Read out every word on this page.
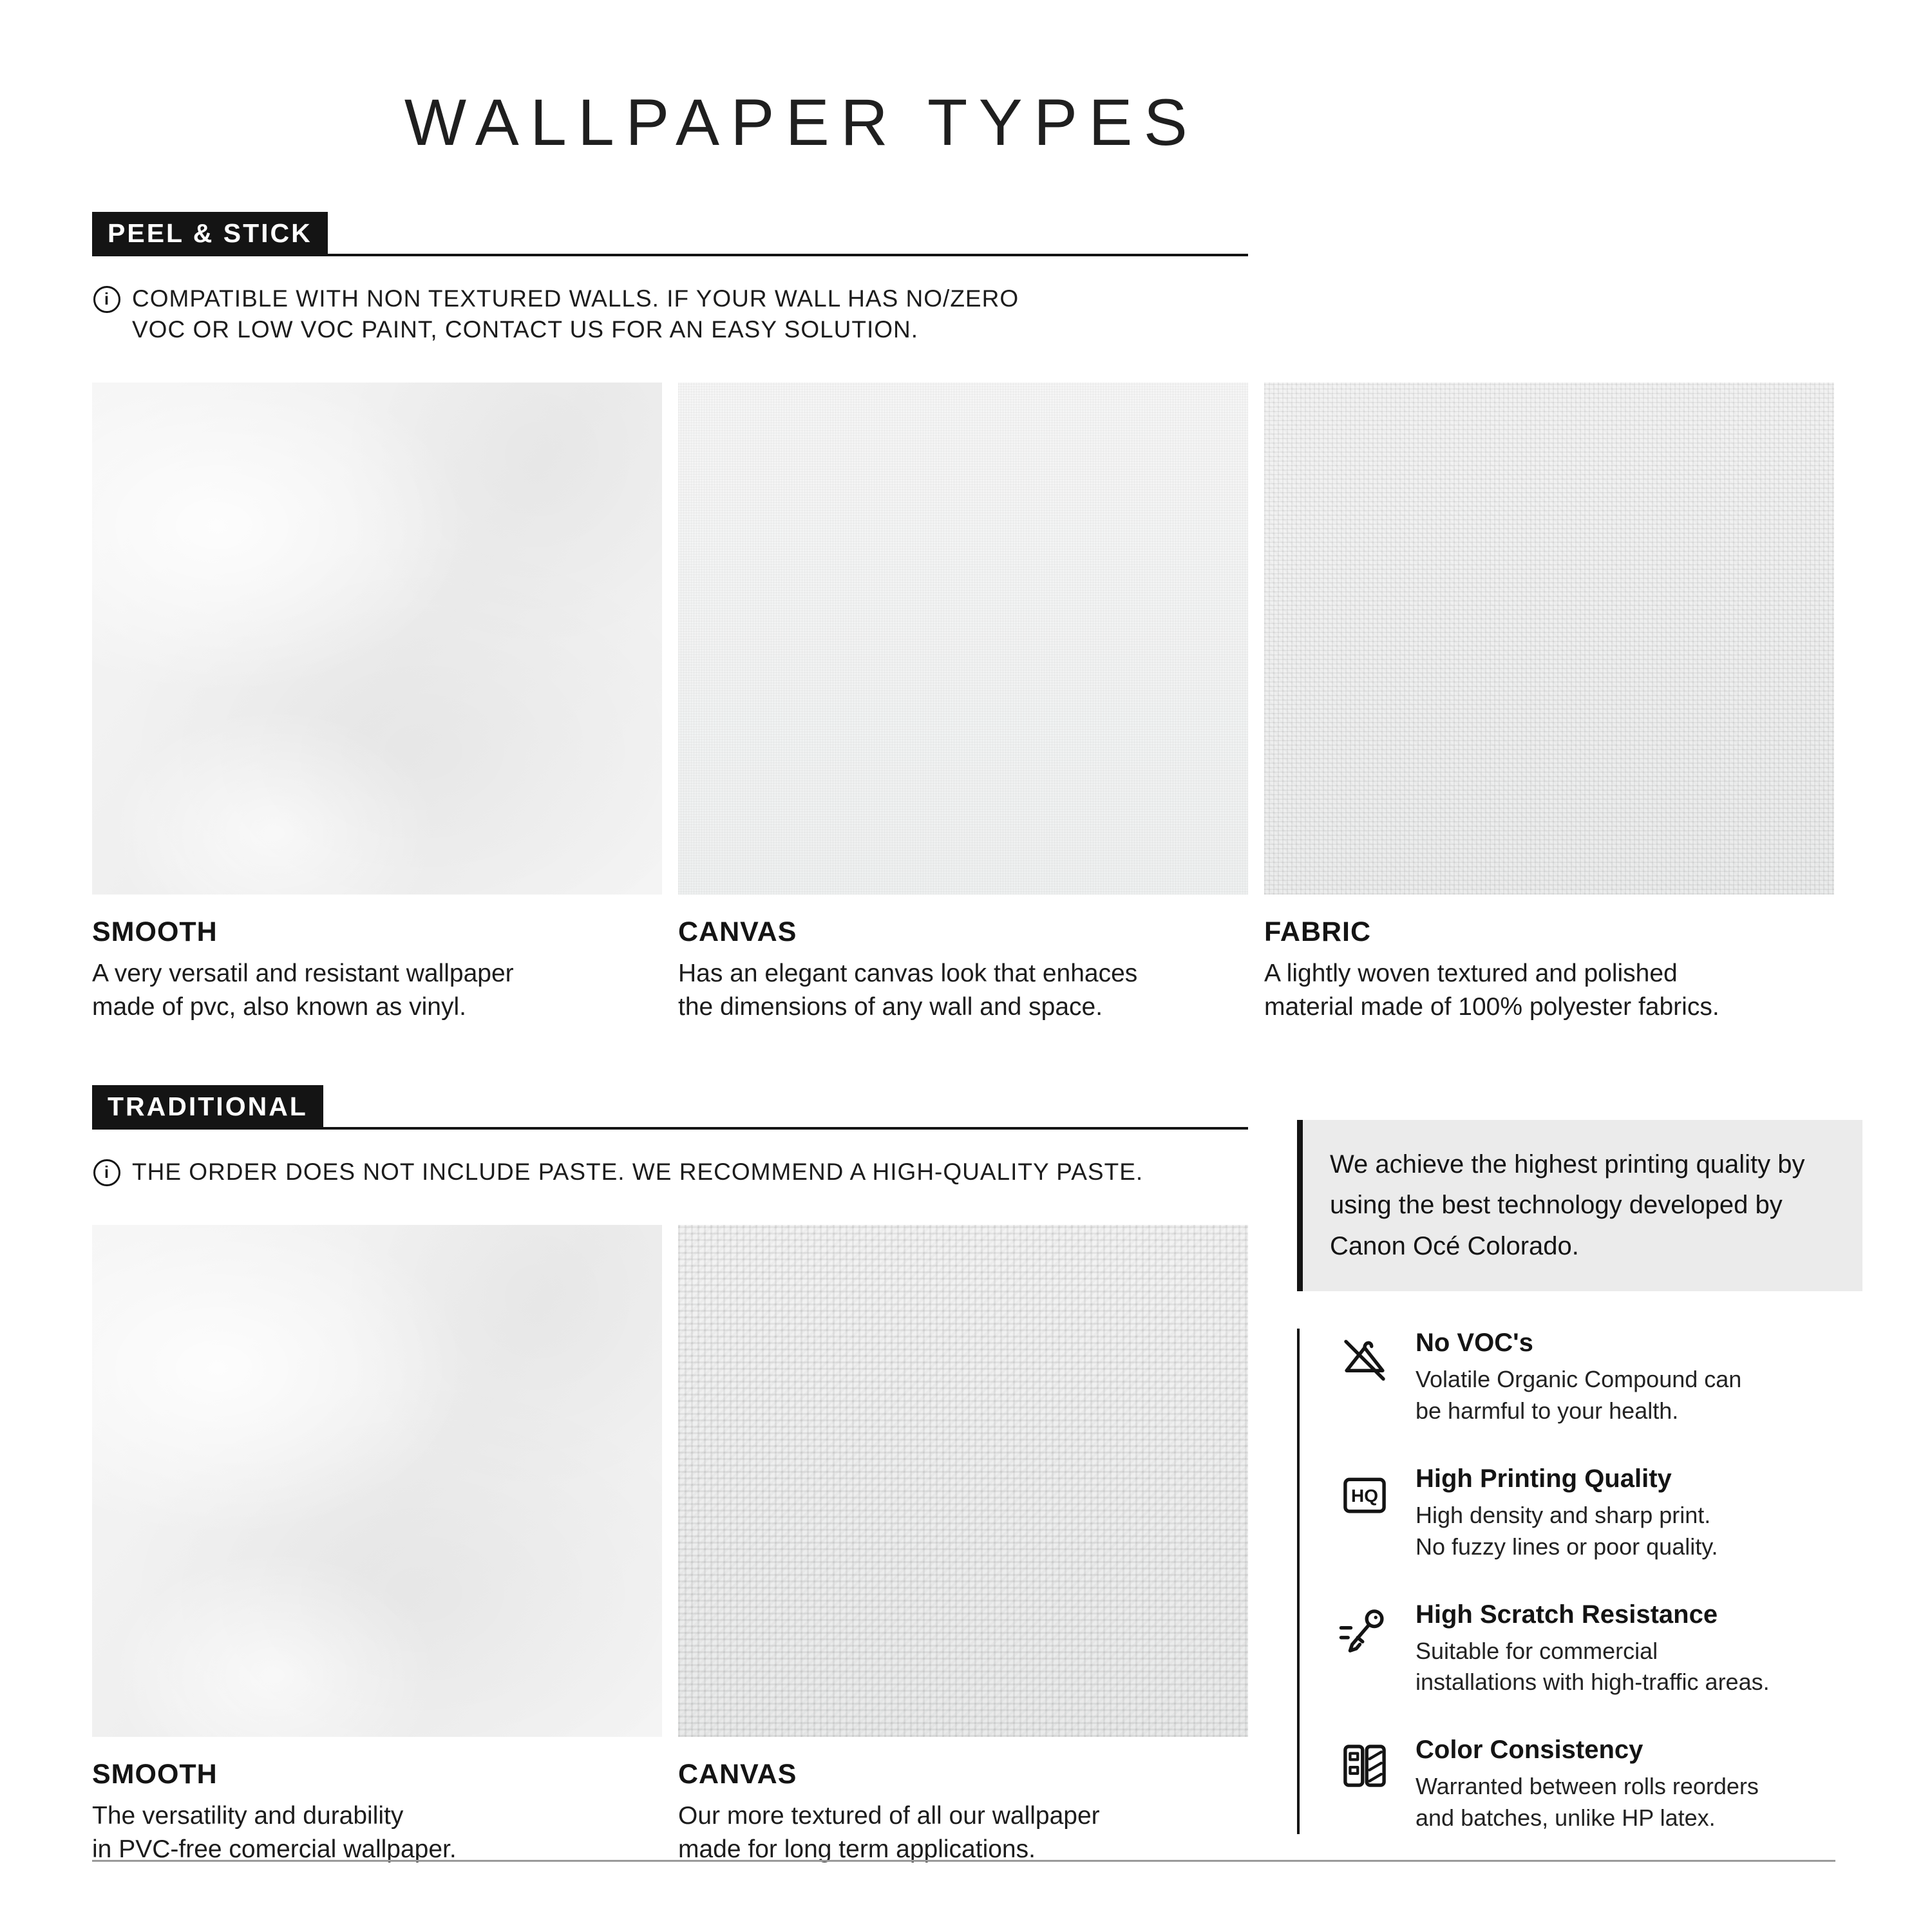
WALLPAPER TYPES
PEEL & STICK
i COMPATIBLE WITH NON TEXTURED WALLS. IF YOUR WALL HAS NO/ZERO
VOC OR LOW VOC PAINT, CONTACT US FOR AN EASY SOLUTION.
SMOOTH
A very versatil and resistant wallpaper
made of pvc, also known as vinyl.
CANVAS
Has an elegant canvas look that enhaces
the dimensions of any wall and space.
FABRIC
A lightly woven textured and polished
material made of 100% polyester fabrics.
TRADITIONAL
i THE ORDER DOES NOT INCLUDE PASTE. WE RECOMMEND A HIGH-QUALITY PASTE.
SMOOTH
The versatility and durability
in PVC-free comercial wallpaper.
CANVAS
Our more textured of all our wallpaper
made for long term applications.
We achieve the highest printing quality by using the best technology developed by Canon Océ Colorado.
No VOC's
Volatile Organic Compound can
be harmful to your health.
HQ
High Printing Quality
High density and sharp print.
No fuzzy lines or poor quality.
High Scratch Resistance
Suitable for commercial
installations with high-traffic areas.
Color Consistency
Warranted between rolls reorders
and batches, unlike HP latex.
